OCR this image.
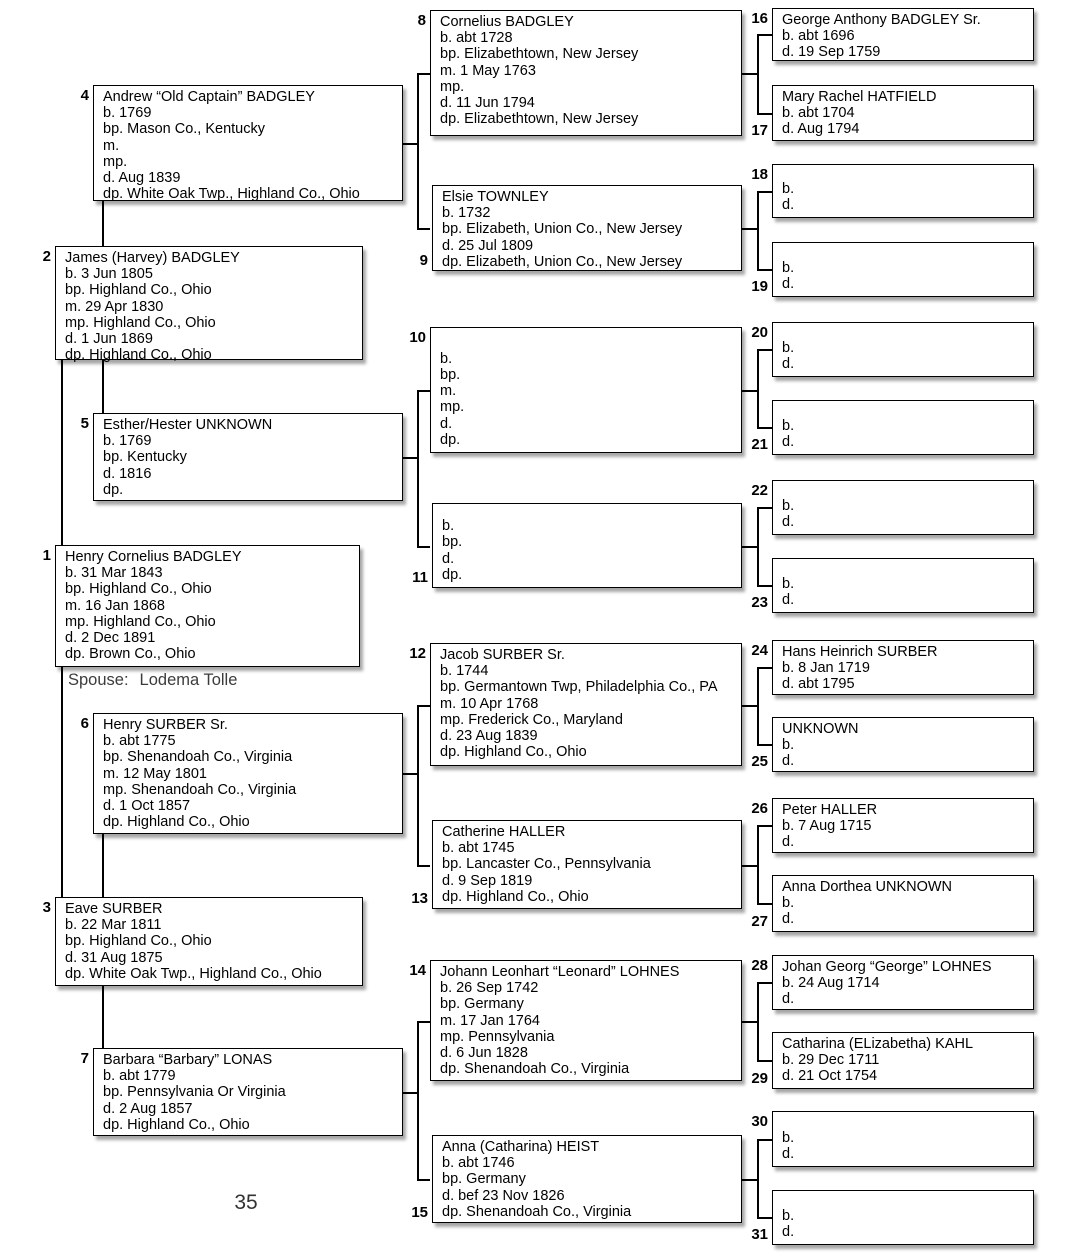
Henry Cornelius BADGLEY
b. 31 Mar 1843
bp. Highland Co., Ohio
m. 16 Jan 1868
mp. Highland Co., Ohio
d. 2 Dec 1891
dp. Brown Co., Ohio
1
James (Harvey) BADGLEY
b. 3 Jun 1805
bp. Highland Co., Ohio
m. 29 Apr 1830
mp. Highland Co., Ohio
d. 1 Jun 1869
dp. Highland Co., Ohio
2
Eave SURBER
b. 22 Mar 1811
bp. Highland Co., Ohio
d. 31 Aug 1875
dp. White Oak Twp., Highland Co., Ohio
3
Andrew “Old Captain” BADGLEY
b. 1769
bp. Mason Co., Kentucky
m.
mp.
d. Aug 1839
dp. White Oak Twp., Highland Co., Ohio
4
Esther/Hester UNKNOWN
b. 1769
bp. Kentucky
d. 1816
dp.
5
Henry SURBER Sr.
b. abt 1775
bp. Shenandoah Co., Virginia
m. 12 May 1801
mp. Shenandoah Co., Virginia
d. 1 Oct 1857
dp. Highland Co., Ohio
6
Barbara “Barbary” LONAS
b. abt 1779
bp. Pennsylvania Or Virginia
d. 2 Aug 1857
dp. Highland Co., Ohio
7
Cornelius BADGLEY
b. abt 1728
bp. Elizabethtown, New Jersey
m. 1 May 1763
mp.
d. 11 Jun 1794
dp. Elizabethtown, New Jersey
8
Elsie TOWNLEY
b. 1732
bp. Elizabeth, Union Co., New Jersey
d. 25 Jul 1809
dp. Elizabeth, Union Co., New Jersey
9
b.
bp.
m.
mp.
d.
dp.
10
b.
bp.
d.
dp.
11
Jacob SURBER Sr.
b. 1744
bp. Germantown Twp, Philadelphia Co., PA
m. 10 Apr 1768
mp. Frederick Co., Maryland
d. 23 Aug 1839
dp. Highland Co., Ohio
12
Catherine HALLER
b. abt 1745
bp. Lancaster Co., Pennsylvania
d. 9 Sep 1819
dp. Highland Co., Ohio
13
Johann Leonhart “Leonard” LOHNES
b. 26 Sep 1742
bp. Germany
m. 17 Jan 1764
mp. Pennsylvania
d. 6 Jun 1828
dp. Shenandoah Co., Virginia
14
Anna (Catharina) HEIST
b. abt 1746
bp. Germany
d. bef 23 Nov 1826
dp. Shenandoah Co., Virginia
15
George Anthony BADGLEY Sr.
b. abt 1696
d. 19 Sep 1759
16
Mary Rachel HATFIELD
b. abt 1704
d. Aug 1794
17
b.
d.
18
b.
d.
19
b.
d.
20
b.
d.
21
b.
d.
22
b.
d.
23
Hans Heinrich SURBER
b. 8 Jan 1719
d. abt 1795
24
UNKNOWN
b.
d.
25
Peter HALLER
b. 7 Aug 1715
d.
26
Anna Dorthea UNKNOWN
b.
d.
27
Johan Georg “George” LOHNES
b. 24 Aug 1714
d.
28
Catharina (ELizabetha) KAHL
b. 29 Dec 1711
d. 21 Oct 1754
29
b.
d.
30
b.
d.
31
Spouse: Lodema Tolle
35
